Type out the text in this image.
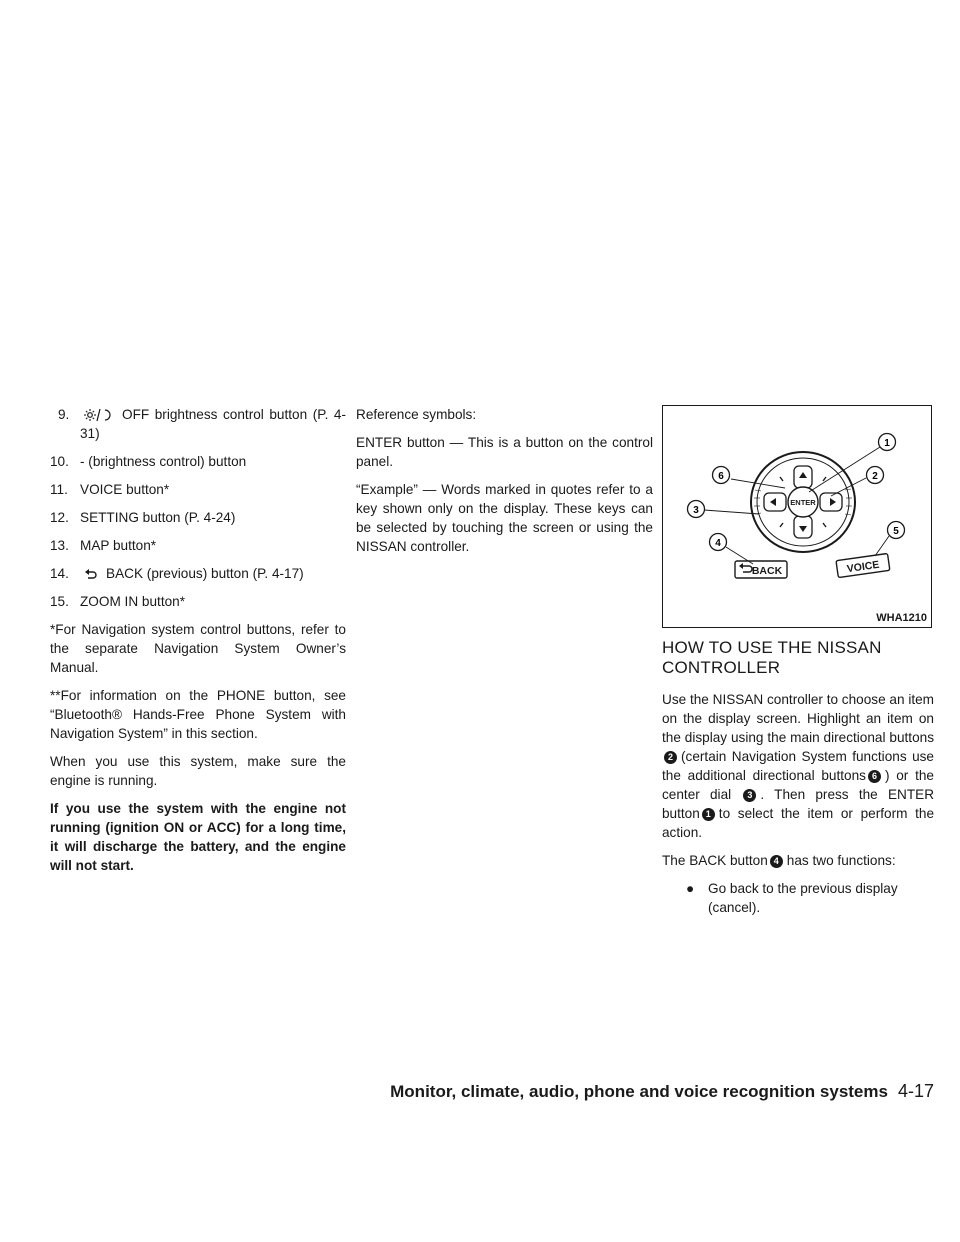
9.	OFF brightness control button (P. 4-31)
10. - (brightness control) button
11. VOICE button*
12. SETTING button (P. 4-24)
13. MAP button*
14.	BACK (previous) button (P. 4-17)
15. ZOOM IN button*

*For Navigation system control buttons, refer to the separate Navigation System Owner’s Manual.

**For information on the PHONE button, see “Bluetooth® Hands-Free Phone System with Navigation System” in this section.

When you use this system, make sure the engine is running.

If you use the system with the engine not running (ignition ON or ACC) for a long time, it will discharge the battery, and the engine will not start.

Reference symbols:

ENTER button — This is a button on the control panel.

“Example” — Words marked in quotes refer to a key shown only on the display. These keys can be selected by touching the screen or using the NISSAN controller.

ENTER
BACK	VOICE
1
2
3
4
5
6
WHA1210
HOW TO USE THE NISSAN CONTROLLER

Use the NISSAN controller to choose an item on the display screen. Highlight an item on the display using the main directional buttons2 (certain Navigation System functions use the additional directional buttons 6 ) or the center dial 3 . Then press the ENTER button 1 to select the item or perform the action.

The BACK button 4 has two functions:

●	Go back to the previous display (cancel).
Monitor, climate, audio, phone and voice recognition systems 4-17
